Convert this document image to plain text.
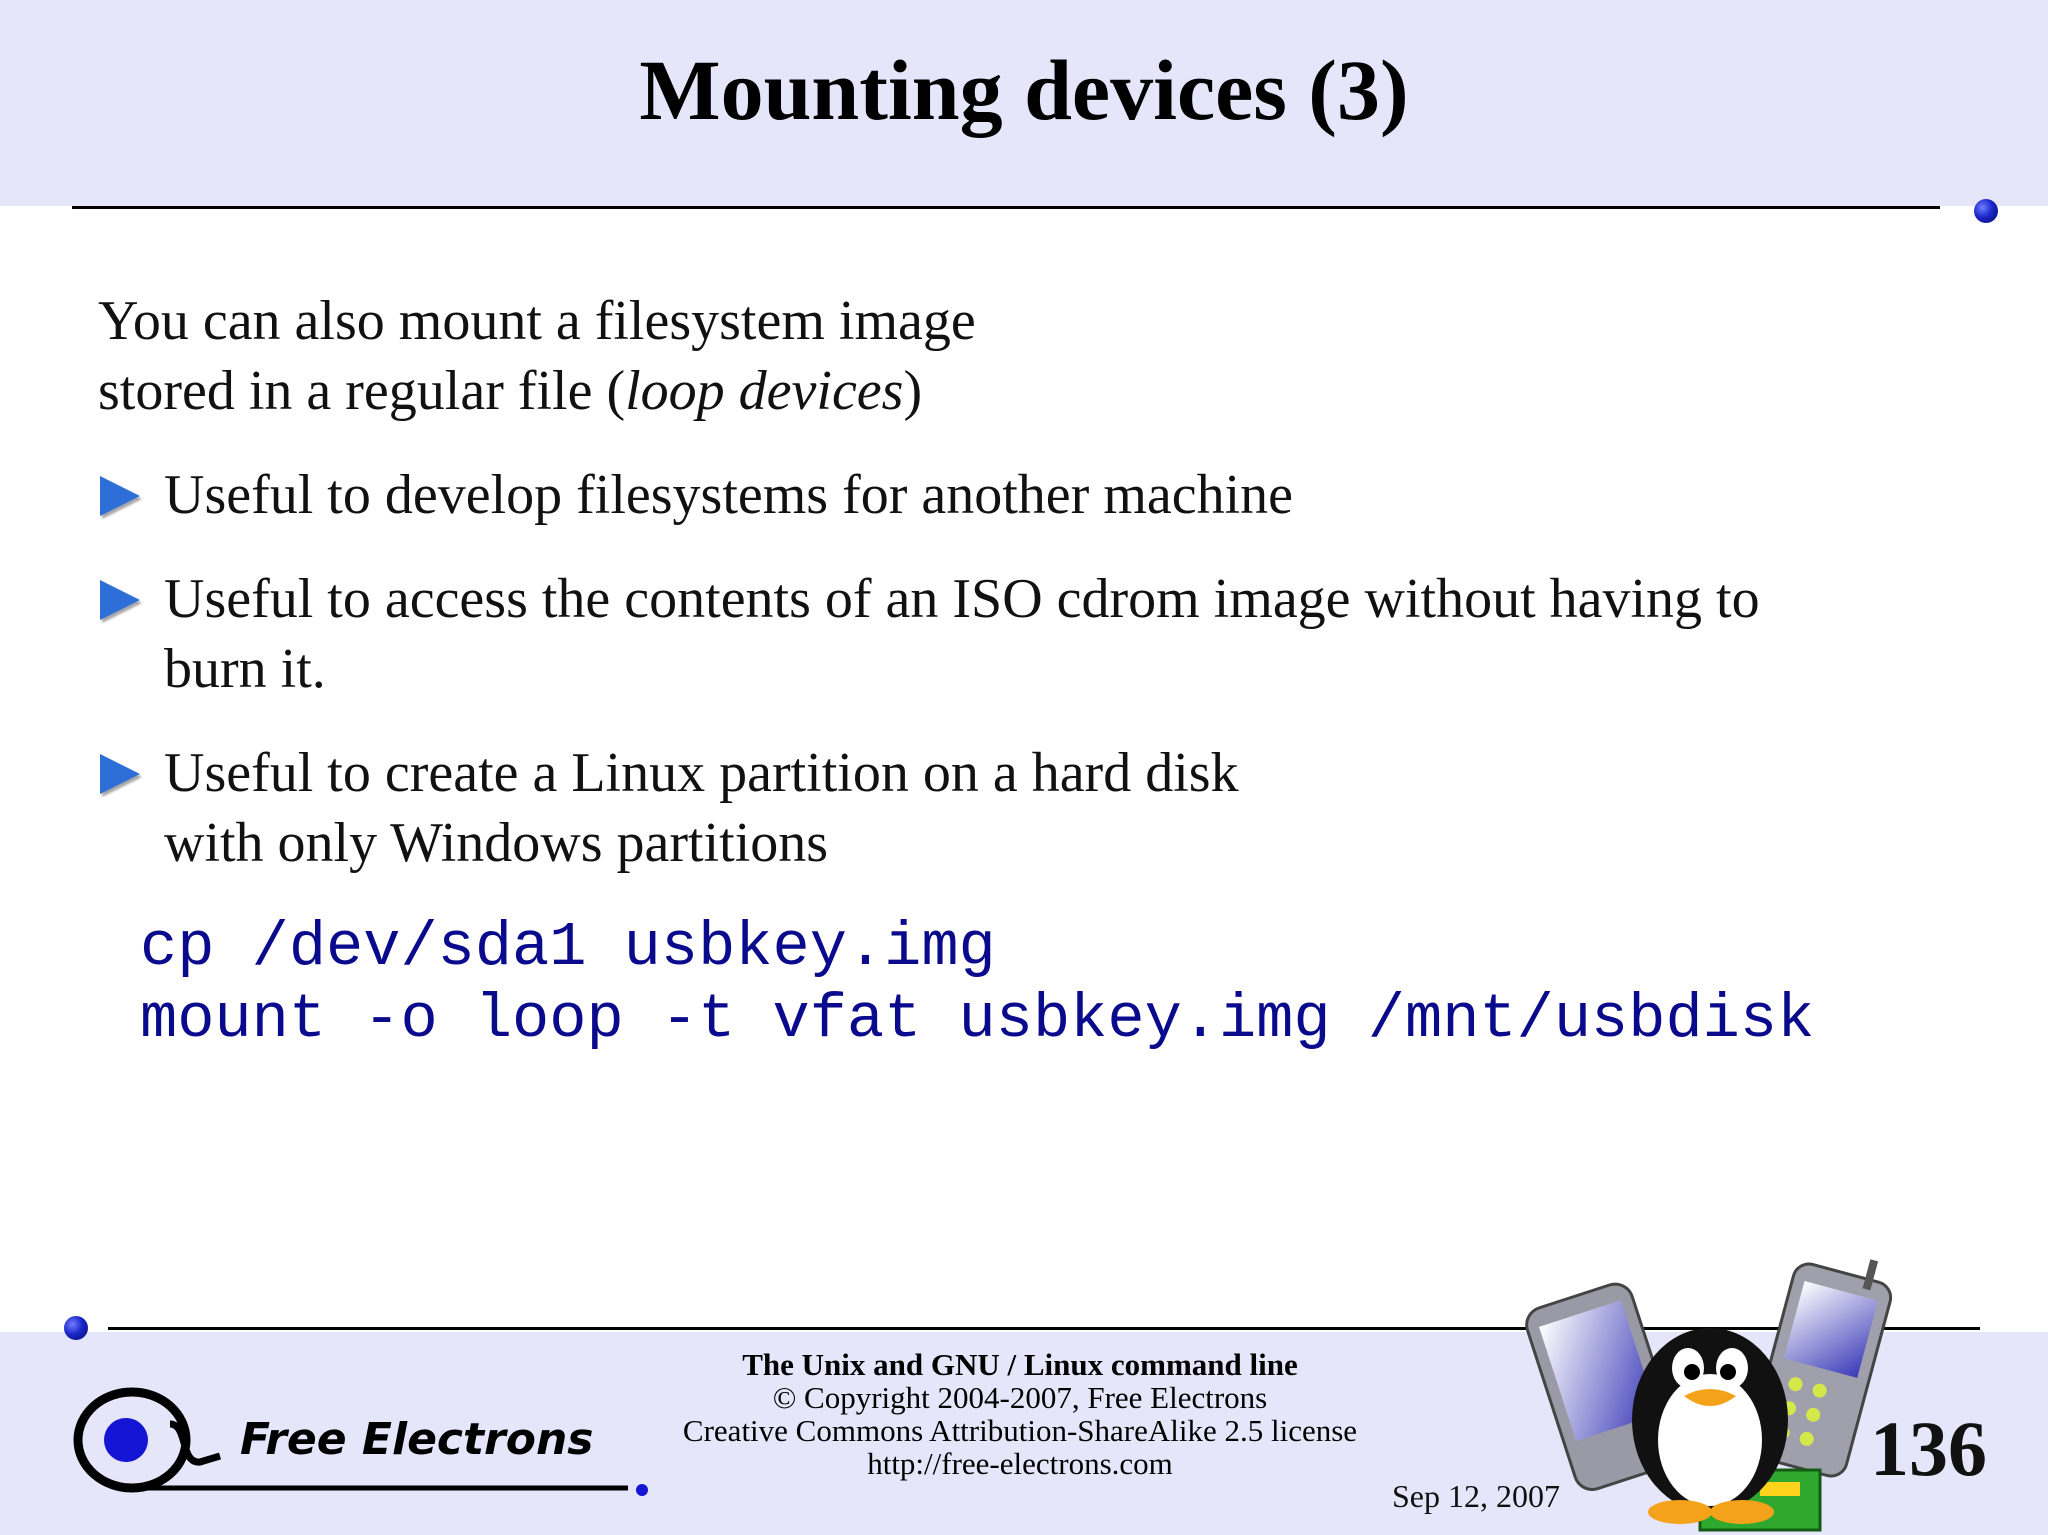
Mounting devices (3)

You can also mount a filesystem image
stored in a regular file (loop devices)

Useful to develop filesystems for another machine
Useful to access the contents of an ISO cdrom image without having to
burn it.
Useful to create a Linux partition on a hard disk
with only Windows partitions
cp /dev/sda1 usbkey.img
mount -o loop -t vfat usbkey.img /mnt/usbdisk
Free Electrons
The Unix and GNU / Linux command line
© Copyright 2004-2007, Free Electrons
Creative Commons Attribution-ShareAlike 2.5 license
http://free-electrons.com
Sep 12, 2007
136
